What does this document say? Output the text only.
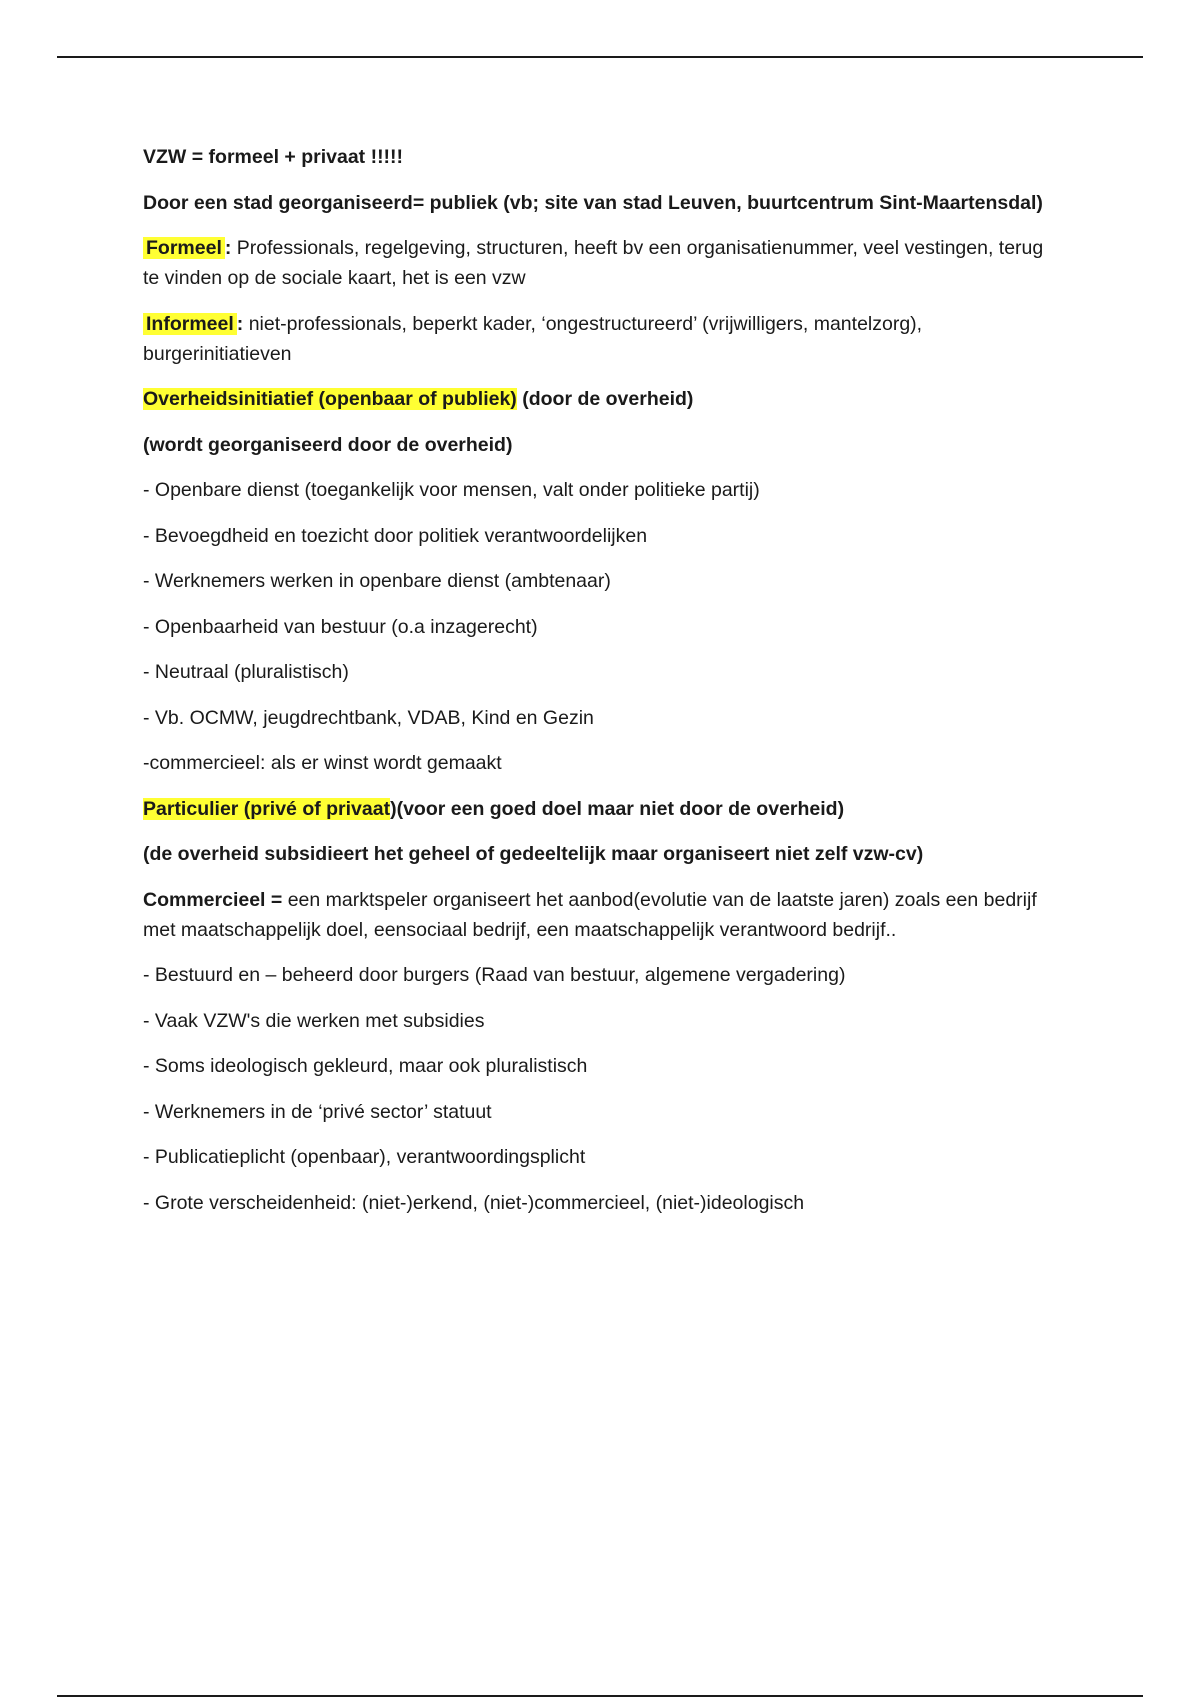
VZW = formeel + privaat !!!!!

Door een stad georganiseerd= publiek (vb; site van stad Leuven, buurtcentrum Sint-Maartensdal)

Formeel : Professionals, regelgeving, structuren, heeft bv een organisatienummer, veel vestingen, terug te vinden op de sociale kaart, het is een vzw

Informeel : niet-professionals, beperkt kader, ‘ongestructureerd’ (vrijwilligers, mantelzorg), burgerinitiatieven

Overheidsinitiatief (openbaar of publiek) (door de overheid)

(wordt georganiseerd door de overheid)

- Openbare dienst (toegankelijk voor mensen, valt onder politieke partij)

- Bevoegdheid en toezicht door politiek verantwoordelijken

- Werknemers werken in openbare dienst (ambtenaar)

- Openbaarheid van bestuur (o.a inzagerecht)

- Neutraal (pluralistisch)

- Vb. OCMW, jeugdrechtbank, VDAB, Kind en Gezin

-commercieel: als er winst wordt gemaakt

Particulier (privé of privaat)(voor een goed doel maar niet door de overheid)

(de overheid subsidieert het geheel of gedeeltelijk maar organiseert niet zelf vzw-cv)

Commercieel = een marktspeler organiseert het aanbod(evolutie van de laatste jaren) zoals een bedrijf met maatschappelijk doel, eensociaal bedrijf, een maatschappelijk verantwoord bedrijf..

- Bestuurd en – beheerd door burgers (Raad van bestuur, algemene vergadering)

- Vaak VZW's die werken met subsidies

- Soms ideologisch gekleurd, maar ook pluralistisch

- Werknemers in de ‘privé sector’ statuut

- Publicatieplicht (openbaar), verantwoordingsplicht

- Grote verscheidenheid: (niet-)erkend, (niet-)commercieel, (niet-)ideologisch
